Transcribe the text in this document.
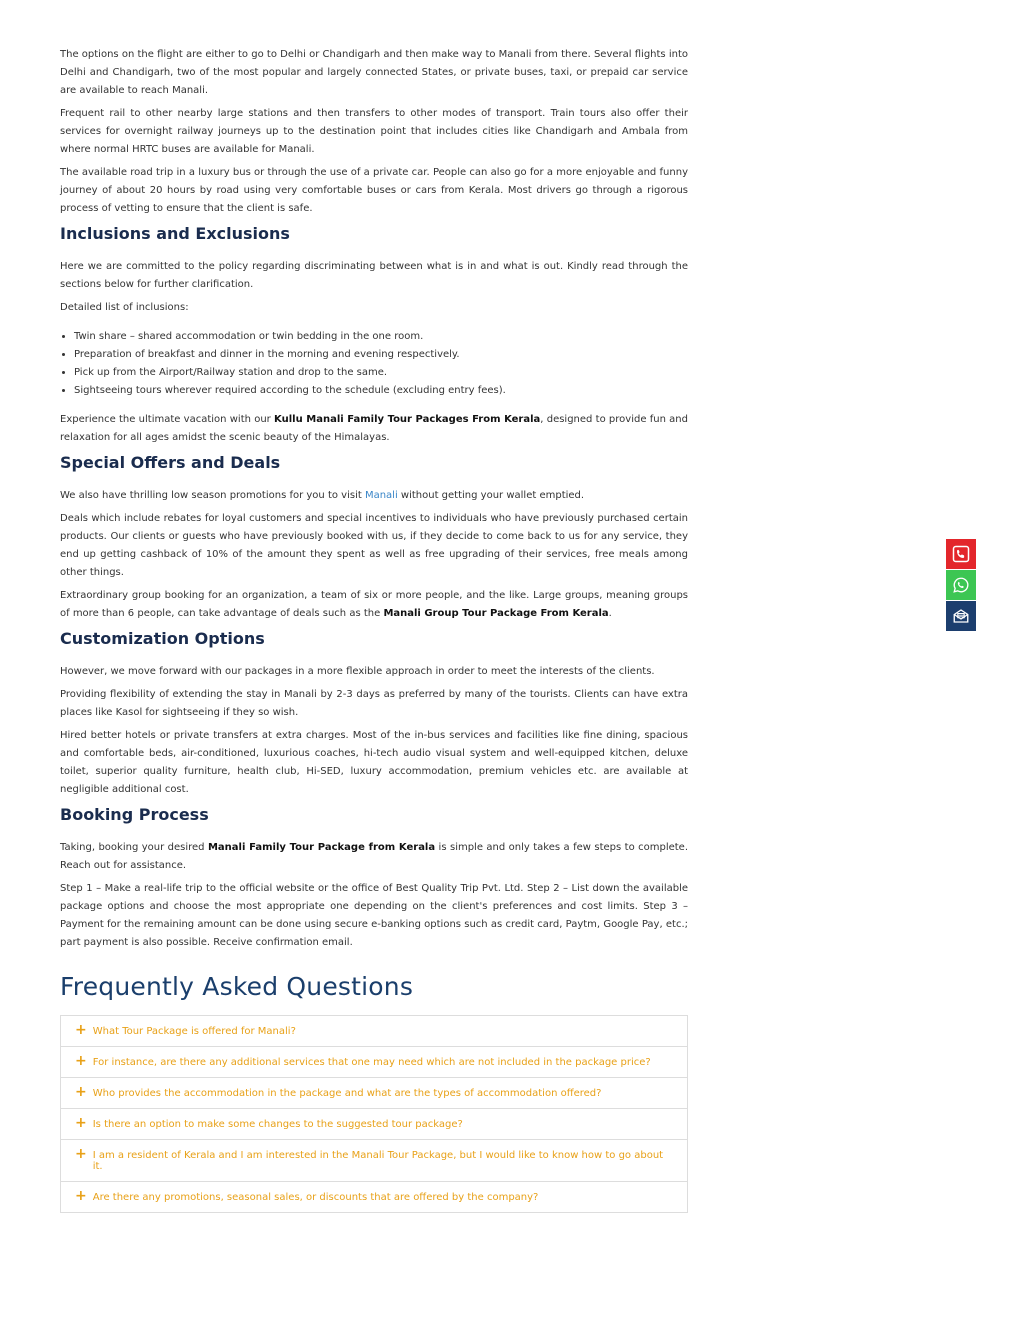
The options on the flight are either to go to Delhi or Chandigarh and then make way to Manali from there. Several flights into Delhi and Chandigarh, two of the most popular and largely connected States, or private buses, taxi, or prepaid car service are available to reach Manali.

Frequent rail to other nearby large stations and then transfers to other modes of transport. Train tours also offer their services for overnight railway journeys up to the destination point that includes cities like Chandigarh and Ambala from where normal HRTC buses are available for Manali.

The available road trip in a luxury bus or through the use of a private car. People can also go for a more enjoyable and funny journey of about 20 hours by road using very comfortable buses or cars from Kerala. Most drivers go through a rigorous process of vetting to ensure that the client is safe.

Inclusions and Exclusions

Here we are committed to the policy regarding discriminating between what is in and what is out. Kindly read through the sections below for further clarification.

Detailed list of inclusions:

• Twin share – shared accommodation or twin bedding in the one room.
• Preparation of breakfast and dinner in the morning and evening respectively.
• Pick up from the Airport/Railway station and drop to the same.
• Sightseeing tours wherever required according to the schedule (excluding entry fees).

Experience the ultimate vacation with our Kullu Manali Family Tour Packages From Kerala, designed to provide fun and relaxation for all ages amidst the scenic beauty of the Himalayas.

Special Offers and Deals

We also have thrilling low season promotions for you to visit Manali without getting your wallet emptied.

Deals which include rebates for loyal customers and special incentives to individuals who have previously purchased certain products. Our clients or guests who have previously booked with us, if they decide to come back to us for any service, they end up getting cashback of 10% of the amount they spent as well as free upgrading of their services, free meals among other things.

Extraordinary group booking for an organization, a team of six or more people, and the like. Large groups, meaning groups of more than 6 people, can take advantage of deals such as the Manali Group Tour Package From Kerala.

Customization Options

However, we move forward with our packages in a more flexible approach in order to meet the interests of the clients.

Providing flexibility of extending the stay in Manali by 2-3 days as preferred by many of the tourists. Clients can have extra places like Kasol for sightseeing if they so wish.

Hired better hotels or private transfers at extra charges. Most of the in-bus services and facilities like fine dining, spacious and comfortable beds, air-conditioned, luxurious coaches, hi-tech audio visual system and well-equipped kitchen, deluxe toilet, superior quality furniture, health club, Hi-SED, luxury accommodation, premium vehicles etc. are available at negligible additional cost.

Booking Process

Taking, booking your desired Manali Family Tour Package from Kerala is simple and only takes a few steps to complete. Reach out for assistance.

Step 1 – Make a real-life trip to the official website or the office of Best Quality Trip Pvt. Ltd. Step 2 – List down the available package options and choose the most appropriate one depending on the client's preferences and cost limits. Step 3 – Payment for the remaining amount can be done using secure e-banking options such as credit card, Paytm, Google Pay, etc.; part payment is also possible. Receive confirmation email.

Frequently Asked Questions
+ What Tour Package is offered for Manali?
+ For instance, are there any additional services that one may need which are not included in the package price?
+ Who provides the accommodation in the package and what are the types of accommodation offered?
+ Is there an option to make some changes to the suggested tour package?
+ I am a resident of Kerala and I am interested in the Manali Tour Package, but I would like to know how to go about it.
+ Are there any promotions, seasonal sales, or discounts that are offered by the company?
